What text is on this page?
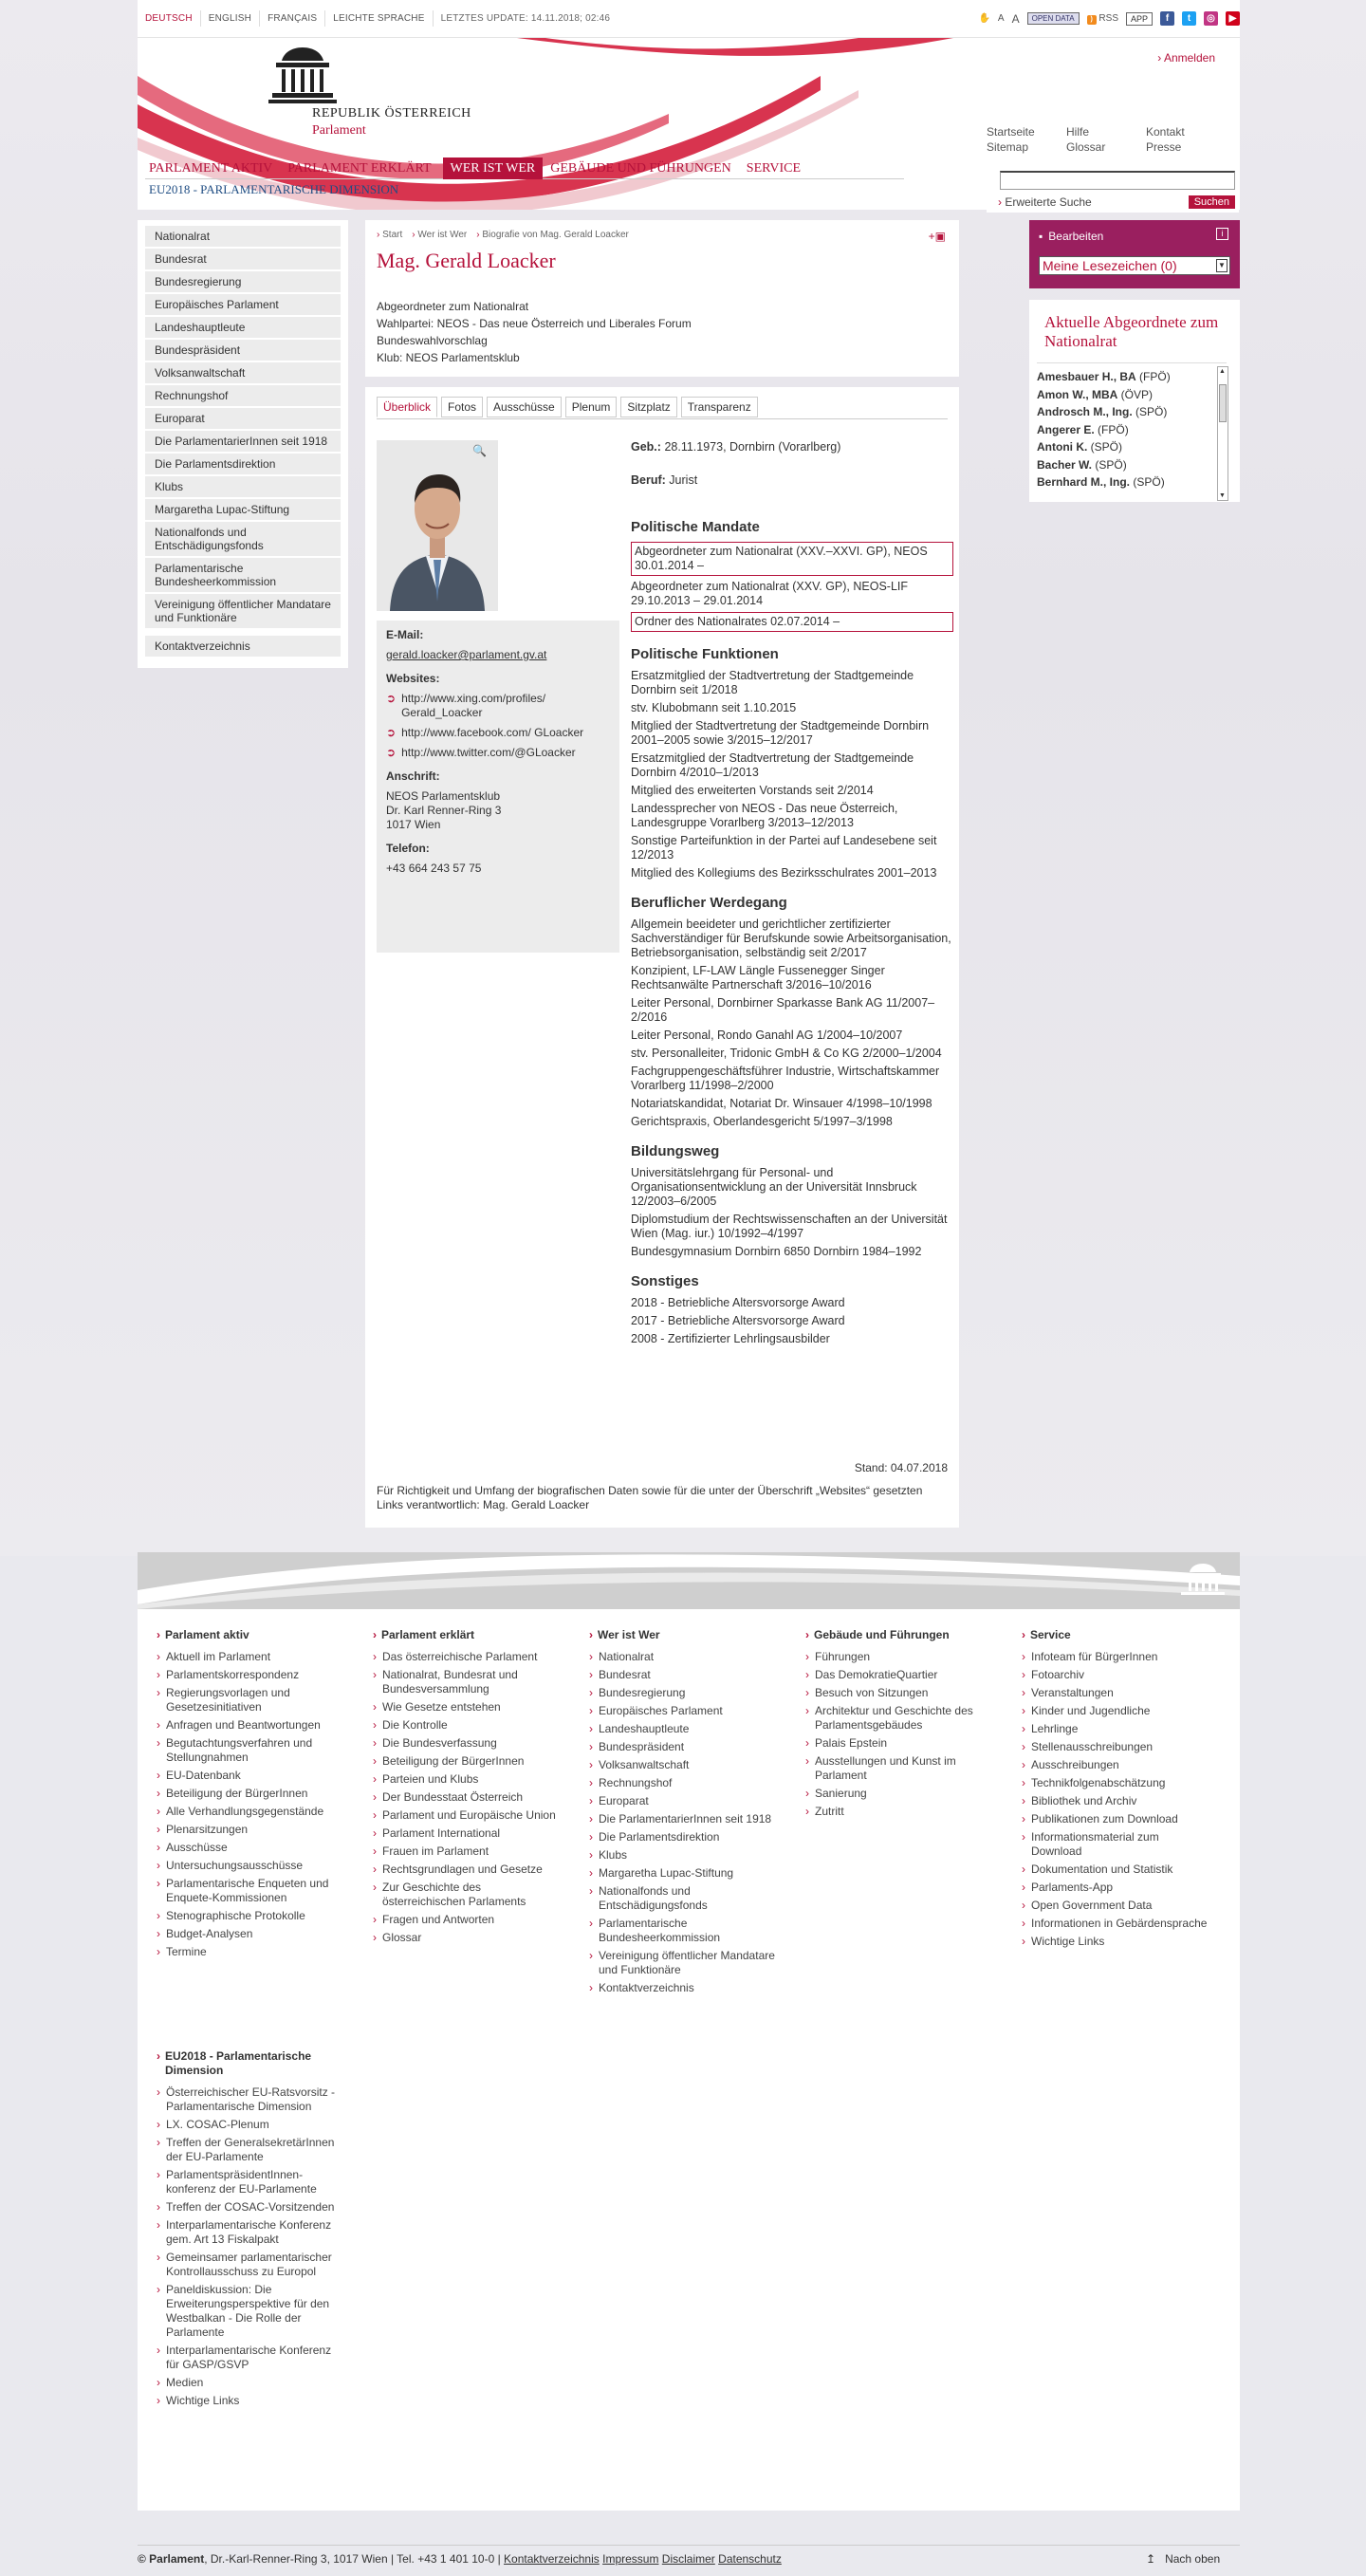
DEUTSCH	ENGLISH	FRANÇAIS	LEICHTE SPRACHE	LETZTES UPDATE: 14.11.2018; 02:46	✋ A A	OPEN DATA	) RSS	APP	f	t	◎	▶
REPUBLIK ÖSTERREICH
Parlament
› Anmelden
Startseite	Hilfe	Kontakt
Sitemap	Glossar	Presse
PARLAMENT AKTIV	PARLAMENT ERKLÄRT	WER IST WER	GEBÄUDE UND FÜHRUNGEN	SERVICE
EU2018 - PARLAMENTARISCHE DIMENSION
› Erweiterte Suche	Suchen
Nationalrat
Bundesrat
Bundesregierung
Europäisches Parlament
Landeshauptleute
Bundespräsident
Volksanwaltschaft
Rechnungshof
Europarat
Die ParlamentarierInnen seit 1918
Die Parlamentsdirektion
Klubs
Margaretha Lupac-Stiftung
Nationalfonds und Entschädigungsfonds
Parlamentarische Bundesheerkommission
Vereinigung öffentlicher Mandatare und Funktionäre
Kontaktverzeichnis
› Start › Wer ist Wer › Biografie von Mag. Gerald Loacker	+▣
Mag. Gerald Loacker
Abgeordneter zum Nationalrat
Wahlpartei: NEOS - Das neue Österreich und Liberales Forum
Bundeswahlvorschlag
Klub: NEOS Parlamentsklub
Überblick	Fotos	Ausschüsse	Plenum	Sitzplatz	Transparenz
🔍
E-Mail:
gerald.loacker@parlament.gv.at
Websites:
➲ http://www.xing.com/profiles/ Gerald_Loacker
➲ http://www.facebook.com/ GLoacker
➲ http://www.twitter.com/@GLoacker
Anschrift:
NEOS Parlamentsklub
Dr. Karl Renner-Ring 3
1017 Wien
Telefon:
+43 664 243 57 75
Geb.: 28.11.1973, Dornbirn (Vorarlberg)
Beruf: Jurist
Politische Mandate
Abgeordneter zum Nationalrat (XXV.–XXVI. GP), NEOS 30.01.2014 –
Abgeordneter zum Nationalrat (XXV. GP), NEOS-LIF 29.10.2013 – 29.01.2014
Ordner des Nationalrates 02.07.2014 –
Politische Funktionen
Ersatzmitglied der Stadtvertretung der Stadtgemeinde Dornbirn seit 1/2018
stv. Klubobmann seit 1.10.2015
Mitglied der Stadtvertretung der Stadtgemeinde Dornbirn 2001–2005 sowie 3/2015–12/2017
Ersatzmitglied der Stadtvertretung der Stadtgemeinde Dornbirn 4/2010–1/2013
Mitglied des erweiterten Vorstands seit 2/2014
Landessprecher von NEOS - Das neue Österreich, Landesgruppe Vorarlberg 3/2013–12/2013
Sonstige Parteifunktion in der Partei auf Landesebene seit 12/2013
Mitglied des Kollegiums des Bezirksschulrates 2001–2013
Beruflicher Werdegang
Allgemein beeideter und gerichtlicher zertifizierter Sachverständiger für Berufskunde sowie Arbeitsorganisation, Betriebsorganisation, selbständig seit 2/2017
Konzipient, LF-LAW Längle Fussenegger Singer Rechtsanwälte Partnerschaft 3/2016–10/2016
Leiter Personal, Dornbirner Sparkasse Bank AG 11/2007–2/2016
Leiter Personal, Rondo Ganahl AG 1/2004–10/2007
stv. Personalleiter, Tridonic GmbH & Co KG 2/2000–1/2004
Fachgruppengeschäftsführer Industrie, Wirtschaftskammer Vorarlberg 11/1998–2/2000
Notariatskandidat, Notariat Dr. Winsauer 4/1998–10/1998
Gerichtspraxis, Oberlandesgericht 5/1997–3/1998
Bildungsweg
Universitätslehrgang für Personal- und Organisationsentwicklung an der Universität Innsbruck 12/2003–6/2005
Diplomstudium der Rechtswissenschaften an der Universität Wien (Mag. iur.) 10/1992–4/1997
Bundesgymnasium Dornbirn 6850 Dornbirn 1984–1992
Sonstiges
2018 - Betriebliche Altersvorsorge Award
2017 - Betriebliche Altersvorsorge Award
2008 - Zertifizierter Lehrlingsausbilder
Stand: 04.07.2018
Für Richtigkeit und Umfang der biografischen Daten sowie für die unter der Überschrift „Websites“ gesetzten Links verantwortlich: Mag. Gerald Loacker
▪ Bearbeiten	i
Meine Lesezeichen (0)	▼
Aktuelle Abgeordnete zum Nationalrat
Amesbauer H., BA (FPÖ)
Amon W., MBA (ÖVP)
Androsch M., Ing. (SPÖ)
Angerer E. (FPÖ)
Antoni K. (SPÖ)
Bacher W. (SPÖ)
Bernhard M., Ing. (SPÖ)
▲
▼
› Parlament aktiv
› Aktuell im Parlament
› Parlamentskorrespondenz
› Regierungsvorlagen und Gesetzesinitiativen
› Anfragen und Beantwortungen
› Begutachtungsverfahren und Stellungnahmen
› EU-Datenbank
› Beteiligung der BürgerInnen
› Alle Verhandlungsgegenstände
› Plenarsitzungen
› Ausschüsse
› Untersuchungsausschüsse
› Parlamentarische Enqueten und Enquete-Kommissionen
› Stenographische Protokolle
› Budget-Analysen
› Termine
› Parlament erklärt
› Das österreichische Parlament
› Nationalrat, Bundesrat und Bundesversammlung
› Wie Gesetze entstehen
› Die Kontrolle
› Die Bundesverfassung
› Beteiligung der BürgerInnen
› Parteien und Klubs
› Der Bundesstaat Österreich
› Parlament und Europäische Union
› Parlament International
› Frauen im Parlament
› Rechtsgrundlagen und Gesetze
› Zur Geschichte des österreichischen Parlaments
› Fragen und Antworten
› Glossar
› Wer ist Wer
› Nationalrat
› Bundesrat
› Bundesregierung
› Europäisches Parlament
› Landeshauptleute
› Bundespräsident
› Volksanwaltschaft
› Rechnungshof
› Europarat
› Die ParlamentarierInnen seit 1918
› Die Parlamentsdirektion
› Klubs
› Margaretha Lupac-Stiftung
› Nationalfonds und Entschädigungsfonds
› Parlamentarische Bundesheerkommission
› Vereinigung öffentlicher Mandatare und Funktionäre
› Kontaktverzeichnis
› Gebäude und Führungen
› Führungen
› Das DemokratieQuartier
› Besuch von Sitzungen
› Architektur und Geschichte des Parlamentsgebäudes
› Palais Epstein
› Ausstellungen und Kunst im Parlament
› Sanierung
› Zutritt
› Service
› Infoteam für BürgerInnen
› Fotoarchiv
› Veranstaltungen
› Kinder und Jugendliche
› Lehrlinge
› Stellenausschreibungen
› Ausschreibungen
› Technikfolgenabschätzung
› Bibliothek und Archiv
› Publikationen zum Download
› Informationsmaterial zum Download
› Dokumentation und Statistik
› Parlaments-App
› Open Government Data
› Informationen in Gebärdensprache
› Wichtige Links
› EU2018 - Parlamentarische Dimension
› Österreichischer EU-Ratsvorsitz - Parlamentarische Dimension
› LX. COSAC-Plenum
› Treffen der GeneralsekretärInnen der EU-Parlamente
› ParlamentspräsidentInnen-konferenz der EU-Parlamente
› Treffen der COSAC-Vorsitzenden
› Interparlamentarische Konferenz gem. Art 13 Fiskalpakt
› Gemeinsamer parlamentarischer Kontrollausschuss zu Europol
› Paneldiskussion: Die Erweiterungsperspektive für den Westbalkan - Die Rolle der Parlamente
› Interparlamentarische Konferenz für GASP/GSVP
› Medien
› Wichtige Links
© Parlament, Dr.-Karl-Renner-Ring 3, 1017 Wien | Tel. +43 1 401 10-0 | Kontaktverzeichnis Impressum Disclaimer Datenschutz	↥ Nach oben
